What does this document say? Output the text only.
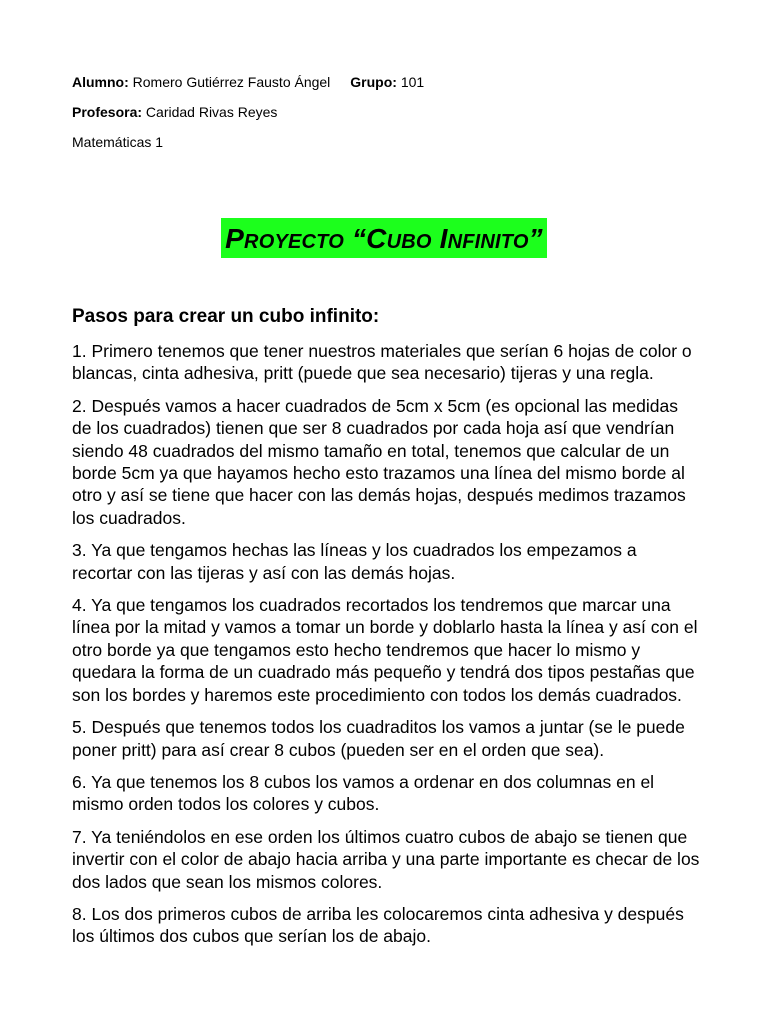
Alumno: Romero Gutiérrez Fausto Ángel Grupo: 101
Profesora: Caridad Rivas Reyes
Matemáticas 1
Proyecto “Cubo Infinito”
Pasos para crear un cubo infinito:

1. Primero tenemos que tener nuestros materiales que serían 6 hojas de color o blancas, cinta adhesiva, pritt (puede que sea necesario) tijeras y una regla.

2. Después vamos a hacer cuadrados de 5cm x 5cm (es opcional las medidas de los cuadrados) tienen que ser 8 cuadrados por cada hoja así que vendrían siendo 48 cuadrados del mismo tamaño en total, tenemos que calcular de un borde 5cm ya que hayamos hecho esto trazamos una línea del mismo borde al otro y así se tiene que hacer con las demás hojas, después medimos trazamos los cuadrados.

3. Ya que tengamos hechas las líneas y los cuadrados los empezamos a recortar con las tijeras y así con las demás hojas.

4. Ya que tengamos los cuadrados recortados los tendremos que marcar una línea por la mitad y vamos a tomar un borde y doblarlo hasta la línea y así con el otro borde ya que tengamos esto hecho tendremos que hacer lo mismo y quedara la forma de un cuadrado más pequeño y tendrá dos tipos pestañas que son los bordes y haremos este procedimiento con todos los demás cuadrados.

5. Después que tenemos todos los cuadraditos los vamos a juntar (se le puede poner pritt) para así crear 8 cubos (pueden ser en el orden que sea).

6. Ya que tenemos los 8 cubos los vamos a ordenar en dos columnas en el mismo orden todos los colores y cubos.

7. Ya teniéndolos en ese orden los últimos cuatro cubos de abajo se tienen que invertir con el color de abajo hacia arriba y una parte importante es checar de los dos lados que sean los mismos colores.

8. Los dos primeros cubos de arriba les colocaremos cinta adhesiva y después los últimos dos cubos que serían los de abajo.
